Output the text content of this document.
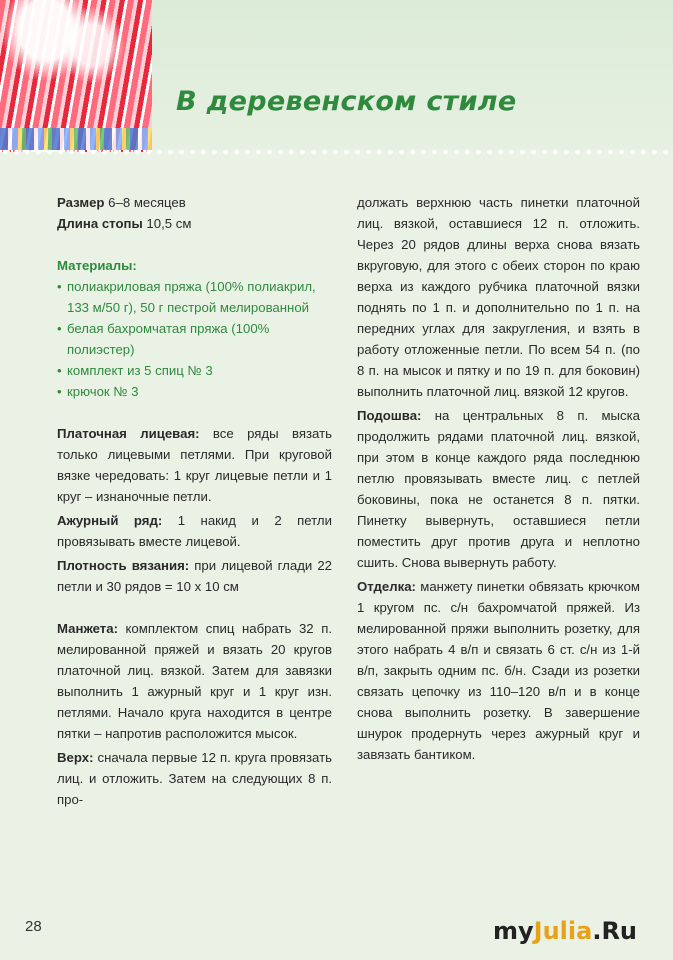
В деревенском стиле

Размер 6–8 месяцев

Длина стопы 10,5 см

Материалы:

• полиакриловая пряжа (100% полиакрил, 133 м/50 г), 50 г пестрой мелированной
• белая бахромчатая пряжа (100% полиэстер)
• комплект из 5 спиц № 3
• крючок № 3

Платочная лицевая: все ряды вязать только лицевыми петлями. При круговой вязке чередовать: 1 круг лицевые петли и 1 круг – изнаночные петли.

Ажурный ряд: 1 накид и 2 петли провязывать вместе лицевой.

Плотность вязания: при лицевой глади 22 петли и 30 рядов = 10 х 10 см

Манжета: комплектом спиц набрать 32 п. мелированной пряжей и вязать 20 кругов платочной лиц. вязкой. Затем для завязки выполнить 1 ажурный круг и 1 круг изн. петлями. Начало круга находится в центре пятки – напротив расположится мысок.

Верх: сначала первые 12 п. круга провязать лиц. и отложить. Затем на следующих 8 п. про-

должать верхнюю часть пинетки платочной лиц. вязкой, оставшиеся 12 п. отложить. Через 20 рядов длины верха снова вязать вкруговую, для этого с обеих сторон по краю верха из каждого рубчика платочной вязки поднять по 1 п. и дополнительно по 1 п. на передних углах для закругления, и взять в работу отложенные петли. По всем 54 п. (по 8 п. на мысок и пятку и по 19 п. для боковин) выполнить платочной лиц. вязкой 12 кругов.

Подошва: на центральных 8 п. мыска продолжить рядами платочной лиц. вязкой, при этом в конце каждого ряда последнюю петлю провязывать вместе лиц. с петлей боковины, пока не останется 8 п. пятки. Пинетку вывернуть, оставшиеся петли поместить друг против друга и неплотно сшить. Снова вывернуть работу.

Отделка: манжету пинетки обвязать крючком 1 кругом пс. с/н бахромчатой пряжей. Из мелированной пряжи выполнить розетку, для этого набрать 4 в/п и связать 6 ст. с/н из 1-й в/п, закрыть одним пс. б/н. Сзади из розетки связать цепочку из 110–120 в/п и в конце снова выполнить розетку. В завершение шнурок продернуть через ажурный круг и завязать бантиком.

28	myJulia.Ru
